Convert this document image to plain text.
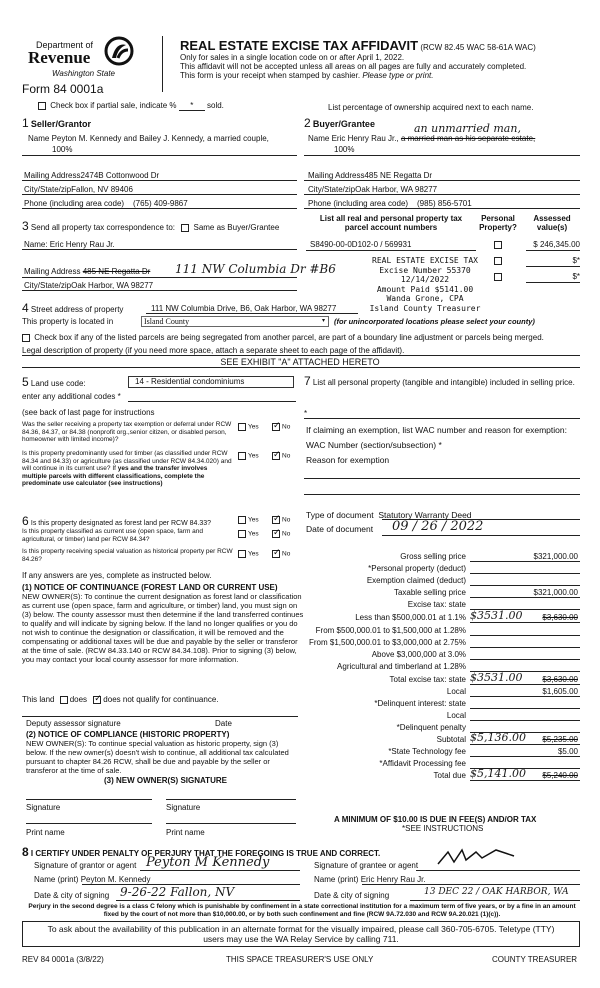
Department of
Revenue
Washington State
Form 84 0001a
REAL ESTATE EXCISE TAX AFFIDAVIT (RCW 82.45 WAC 58-61A WAC)
Only for sales in a single location code on or after April 1, 2022.
This affidavit will not be accepted unless all areas on all pages are fully and accurately completed.
This form is your receipt when stamped by cashier. Please type or print.
Check box if partial sale, indicate % * sold.	List percentage of ownership acquired next to each name.
1 Seller/Grantor
Name Peyton M. Kennedy and Bailey J. Kennedy, a married couple,
100%
Mailing Address2474B Cottonwood Dr
City/State/zipFallon, NV 89406
Phone (including area code) (765) 409-9867
2 Buyer/Grantee
Name Eric Henry Rau Jr., a married man as his separate estate,
an unmarried man,
100%
Mailing Address485 NE Regatta Dr
City/State/zipOak Harbor, WA 98277
Phone (including area code) (985) 856-5701
3 Send all property tax correspondence to: Same as Buyer/Grantee
Name: Eric Henry Rau Jr.
Mailing Address 485 NE Regatta Dr 111 NW Columbia Dr #B6
City/State/zipOak Harbor, WA 98277
List all real and personal property tax parcel account numbers
Personal Property?
Assessed value(s)
S8490-00-0D102-0 / 569931	$ 246,345.00
$*
$*
REAL ESTATE EXCISE TAX
Excise Number 55370
12/14/2022
Amount Paid $5141.00
Wanda Grone, CPA
Island County Treasurer
4 Street address of property	111 NW Columbia Drive, B6, Oak Harbor, WA 98277
This property is located in	Island County	▾ (for unincorporated locations please select your county)
Check box if any of the listed parcels are being segregated from another parcel, are part of a boundary line adjustment or parcels being merged.
Legal description of property (if you need more space, attach a separate sheet to each page of the affidavit).
SEE EXHIBIT "A" ATTACHED HERETO
5 Land use code:	14 - Residential condominiums
enter any additional codes *
(see back of last page for instructions
Was the seller receiving a property tax exemption or deferral under RCW 84.36, 84.37, or 84.38 (nonprofit org.,senior citizen, or disabled person, homeowner with limited income)?
Yes ✓	No
Is this property predominantly used for timber (as classified under RCW 84.34 and 84.33) or agriculture (as classified under RCW 84.34.020) and will continue in its current use? If yes and the transfer involves multiple parcels with different classifications, complete the predominate use calculator (see instructions)
Yes ✓	No
7 List all personal property (tangible and intangible) included in selling price.
*
If claiming an exemption, list WAC number and reason for exemption:
WAC Number (section/subsection) *
Reason for exemption
Type of document Statutory Warranty Deed
Date of document 09 / 26 / 2022
6 Is this property designated as forest land per RCW 84.33?	Yes ✓	No
Is this property classified as current use (open space, farm and agricultural, or timber) land per RCW 84.34?
Yes ✓	No
Is this property receiving special valuation as historical property per RCW 84.26?
Yes ✓	No
If any answers are yes, complete as instructed below.
(1) NOTICE OF CONTINUANCE (FOREST LAND OR CURRENT USE)
NEW OWNER(S): To continue the current designation as forest land or classification as current use (open space, farm and agriculture, or timber) land, you must sign on (3) below. The county assessor must then determine if the land transferred continues to qualify and will indicate by signing below. If the land no longer qualifies or you do not wish to continue the designation or classification, it will be removed and the compensating or additional taxes will be due and payable by the seller or transferor at the time of sale. (RCW 84.33.140 or RCW 84.34.108). Prior to signing (3) below, you may contact your local county assessor for more information.
This land does ✓ does not qualify for continuance.
Deputy assessor signature	Date
(2) NOTICE OF COMPLIANCE (HISTORIC PROPERTY)
NEW OWNER(S): To continue special valuation as historic property, sign (3) below. If the new owner(s) doesn't wish to continue, all additional tax calculated pursuant to chapter 84.26 RCW, shall be due and payable by the seller or transferor at the time of sale.
(3) NEW OWNER(S) SIGNATURE
Signature	Signature
Print name	Print name
Gross selling price	$321,000.00
*Personal property (deduct)
Exemption claimed (deduct)
Taxable selling price	$321,000.00
Excise tax: state
Less than $500,000.01 at 1.1%	$3,630.00
$3531.00
From $500,000.01 to $1,500,000 at 1.28%
From $1,500,000.01 to $3,000,000 at 2.75%
Above $3,000,000 at 3.0%
Agricultural and timberland at 1.28%
Total excise tax: state	$3,630.00
$3531.00
Local	$1,605.00
*Delinquent interest: state
Local
*Delinquent penalty
Subtotal	$5,235.00
$5,136.00
*State Technology fee	$5.00
*Affidavit Processing fee
Total due	$5,240.00
$5,141.00
A MINIMUM OF $10.00 IS DUE IN FEE(S) AND/OR TAX
*SEE INSTRUCTIONS
8 I CERTIFY UNDER PENALTY OF PERJURY THAT THE FOREGOING IS TRUE AND CORRECT.
Signature of grantor or agent Peyton M Kennedy	Signature of grantee or agent
Name (print) Peyton M. Kennedy	Name (print) Eric Henry Rau Jr.
Date & city of signing 9-26-22 Fallon, NV	Date & city of signing	13 DEC 22 / OAK HARBOR, WA
Perjury in the second degree is a class C felony which is punishable by confinement in a state correctional institution for a maximum term of five years, or by a fine in an amount fixed by the court of not more than $10,000.00, or by both such confinement and fine (RCW 9A.72.030 and RCW 9A.20.021 (1)(c)).
To ask about the availability of this publication in an alternate format for the visually impaired, please call 360-705-6705. Teletype (TTY) users may use the WA Relay Service by calling 711.
REV 84 0001a (3/8/22)	THIS SPACE TREASURER'S USE ONLY	COUNTY TREASURER
